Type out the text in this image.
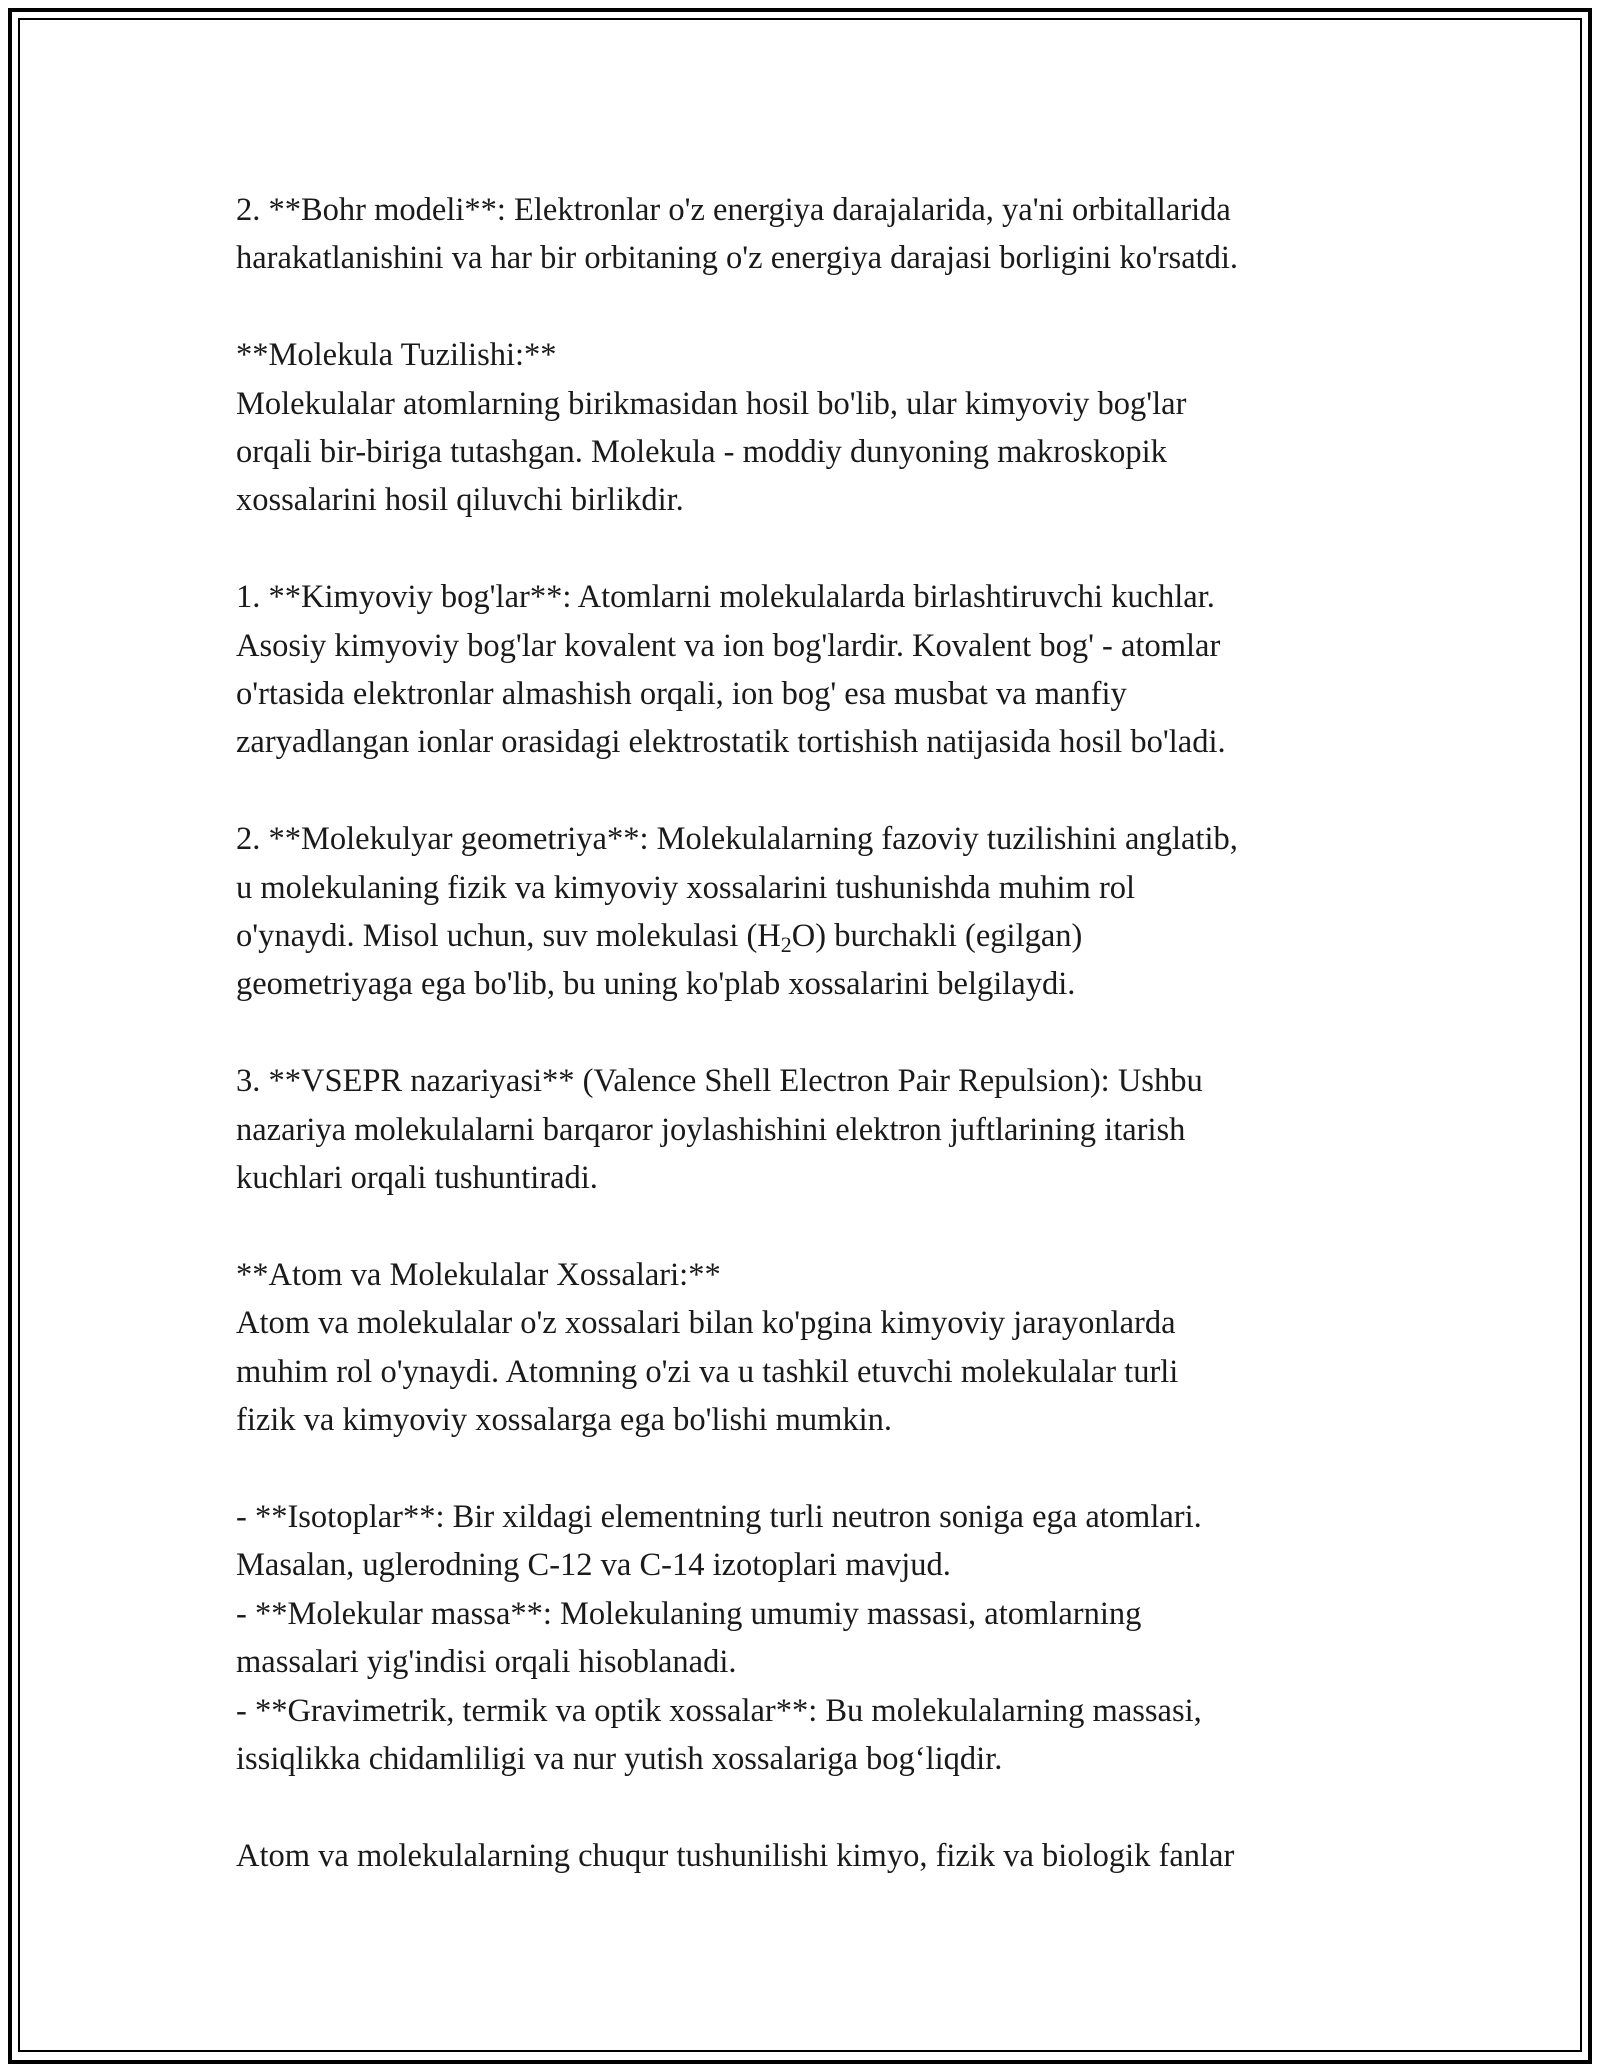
2. **Bohr modeli**: Elektronlar o'z energiya darajalarida, ya'ni orbitallarida
harakatlanishini va har bir orbitaning o'z energiya darajasi borligini ko'rsatdi.

**Molekula Tuzilishi:**
Molekulalar atomlarning birikmasidan hosil bo'lib, ular kimyoviy bog'lar
orqali bir-biriga tutashgan. Molekula - moddiy dunyoning makroskopik
xossalarini hosil qiluvchi birlikdir.

1. **Kimyoviy bog'lar**: Atomlarni molekulalarda birlashtiruvchi kuchlar.
Asosiy kimyoviy bog'lar kovalent va ion bog'lardir. Kovalent bog' - atomlar
o'rtasida elektronlar almashish orqali, ion bog' esa musbat va manfiy
zaryadlangan ionlar orasidagi elektrostatik tortishish natijasida hosil bo'ladi.

2. **Molekulyar geometriya**: Molekulalarning fazoviy tuzilishini anglatib,
u molekulaning fizik va kimyoviy xossalarini tushunishda muhim rol
o'ynaydi. Misol uchun, suv molekulasi $(H_2O)$ burchakli (egilgan)
geometriyaga ega bo'lib, bu uning ko'plab xossalarini belgilaydi.

3. **VSEPR nazariyasi** (Valence Shell Electron Pair Repulsion): Ushbu
nazariya molekulalarni barqaror joylashishini elektron juftlarining itarish
kuchlari orqali tushuntiradi.

**Atom va Molekulalar Xossalari:**
Atom va molekulalar o'z xossalari bilan ko'pgina kimyoviy jarayonlarda
muhim rol o'ynaydi. Atomning o'zi va u tashkil etuvchi molekulalar turli
fizik va kimyoviy xossalarga ega bo'lishi mumkin.

- **Isotoplar**: Bir xildagi elementning turli neutron soniga ega atomlari.
Masalan, uglerodning C-12 va C-14 izotoplari mavjud.
- **Molekular massa**: Molekulaning umumiy massasi, atomlarning
massalari yig'indisi orqali hisoblanadi.
- **Gravimetrik, termik va optik xossalar**: Bu molekulalarning massasi,
issiqlikka chidamliligi va nur yutish xossalariga bog‘liqdir.

Atom va molekulalarning chuqur tushunilishi kimyo, fizik va biologik fanlar
